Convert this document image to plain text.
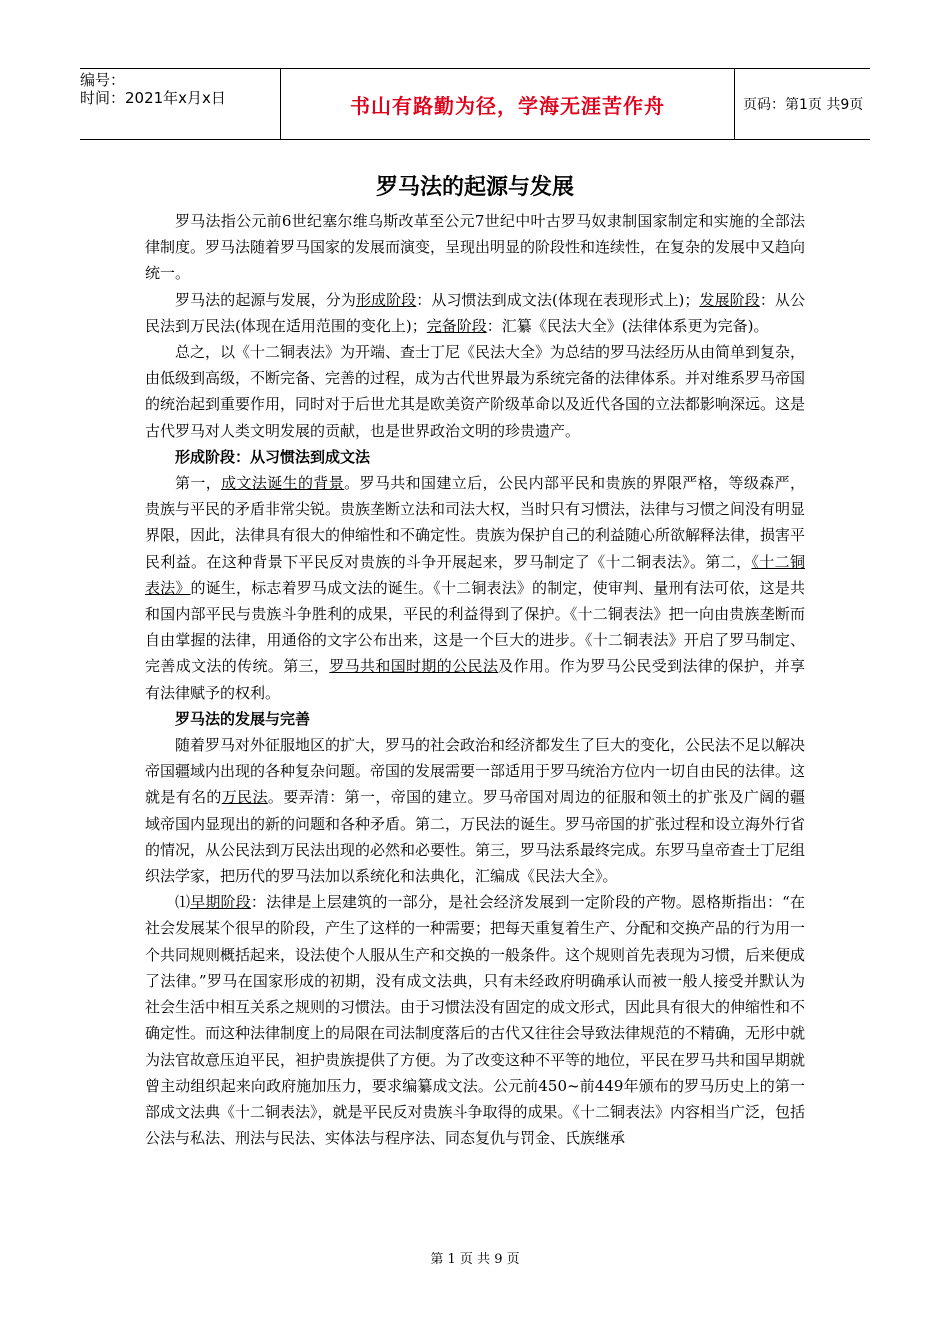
编号：
时间：2021年x月x日	书山有路勤为径，学海无涯苦作舟	页码：第1页 共9页
罗马法的起源与发展

罗马法指公元前6世纪塞尔维乌斯改革至公元7世纪中叶古罗马奴隶制国家制定和实施的全部法律制度。罗马法随着罗马国家的发展而演变，呈现出明显的阶段性和连续性，在复杂的发展中又趋向统一。

罗马法的起源与发展，分为形成阶段：从习惯法到成文法(体现在表现形式上)；发展阶段：从公民法到万民法(体现在适用范围的变化上)；完备阶段：汇纂《民法大全》(法律体系更为完备)。

总之，以《十二铜表法》为开端、查士丁尼《民法大全》为总结的罗马法经历从由简单到复杂，由低级到高级，不断完备、完善的过程，成为古代世界最为系统完备的法律体系。并对维系罗马帝国的统治起到重要作用，同时对于后世尤其是欧美资产阶级革命以及近代各国的立法都影响深远。这是古代罗马对人类文明发展的贡献，也是世界政治文明的珍贵遗产。

形成阶段：从习惯法到成文法

第一，成文法诞生的背景。罗马共和国建立后，公民内部平民和贵族的界限严格，等级森严，贵族与平民的矛盾非常尖锐。贵族垄断立法和司法大权，当时只有习惯法，法律与习惯之间没有明显界限，因此，法律具有很大的伸缩性和不确定性。贵族为保护自己的利益随心所欲解释法律，损害平民利益。在这种背景下平民反对贵族的斗争开展起来，罗马制定了《十二铜表法》。第二，《十二铜表法》的诞生，标志着罗马成文法的诞生。《十二铜表法》的制定，使审判、量刑有法可依，这是共和国内部平民与贵族斗争胜利的成果，平民的利益得到了保护。《十二铜表法》把一向由贵族垄断而自由掌握的法律，用通俗的文字公布出来，这是一个巨大的进步。《十二铜表法》开启了罗马制定、完善成文法的传统。第三，罗马共和国时期的公民法及作用。作为罗马公民受到法律的保护，并享有法律赋予的权利。

罗马法的发展与完善

随着罗马对外征服地区的扩大，罗马的社会政治和经济都发生了巨大的变化，公民法不足以解决帝国疆域内出现的各种复杂问题。帝国的发展需要一部适用于罗马统治方位内一切自由民的法律。这就是有名的万民法。要弄清：第一，帝国的建立。罗马帝国对周边的征服和领土的扩张及广阔的疆域帝国内显现出的新的问题和各种矛盾。第二，万民法的诞生。罗马帝国的扩张过程和设立海外行省的情况，从公民法到万民法出现的必然和必要性。第三，罗马法系最终完成。东罗马皇帝查士丁尼组织法学家，把历代的罗马法加以系统化和法典化，汇编成《民法大全》。

⑴早期阶段：法律是上层建筑的一部分，是社会经济发展到一定阶段的产物。恩格斯指出：“在社会发展某个很早的阶段，产生了这样的一种需要；把每天重复着生产、分配和交换产品的行为用一个共同规则概括起来，设法使个人服从生产和交换的一般条件。这个规则首先表现为习惯，后来便成了法律。”罗马在国家形成的初期，没有成文法典，只有未经政府明确承认而被一般人接受并默认为社会生活中相互关系之规则的习惯法。由于习惯法没有固定的成文形式，因此具有很大的伸缩性和不确定性。而这种法律制度上的局限在司法制度落后的古代又往往会导致法律规范的不精确，无形中就为法官故意压迫平民，袒护贵族提供了方便。为了改变这种不平等的地位，平民在罗马共和国早期就曾主动组织起来向政府施加压力，要求编纂成文法。公元前450~前449年颁布的罗马历史上的第一部成文法典《十二铜表法》，就是平民反对贵族斗争取得的成果。《十二铜表法》内容相当广泛，包括公法与私法、刑法与民法、实体法与程序法、同态复仇与罚金、氏族继承

第 1 页 共 9 页
